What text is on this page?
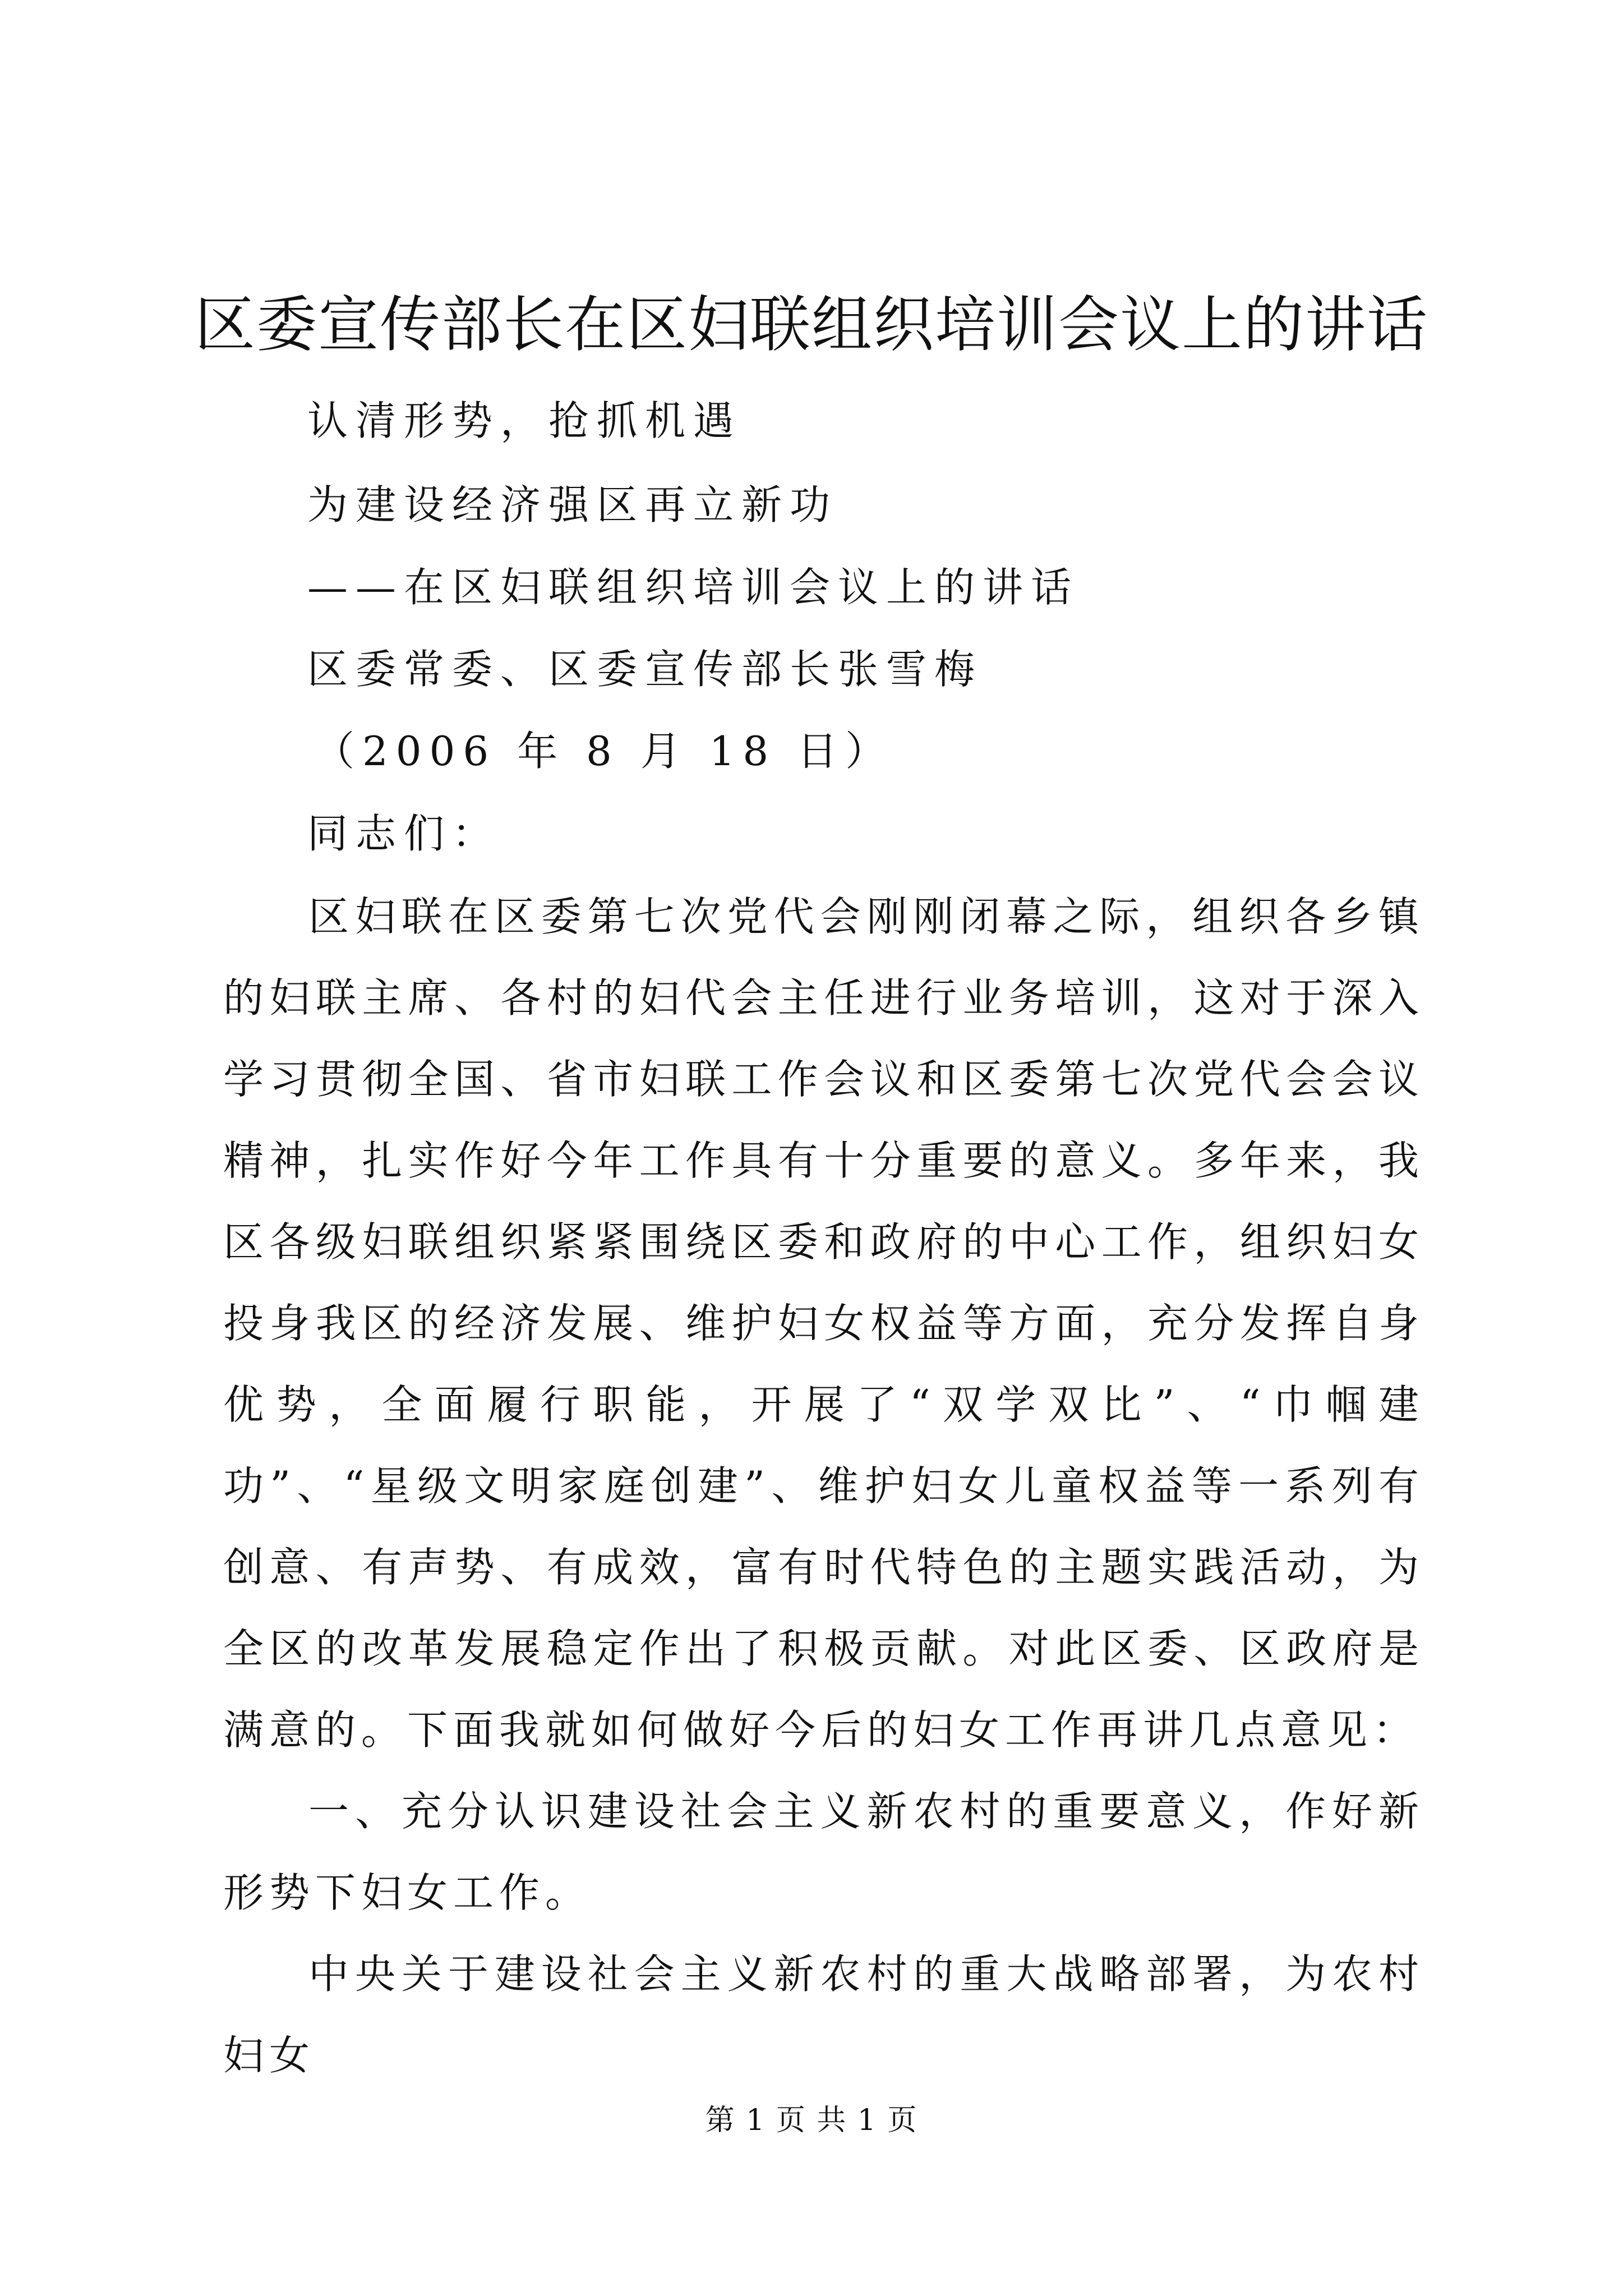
区委宣传部长在区妇联组织培训会议上的讲话
认清形势，抢抓机遇
为建设经济强区再立新功
——在区妇联组织培训会议上的讲话
区委常委、区委宣传部长张雪梅
（2006 年 8 月 18 日）
同志们：

区妇联在区委第七次党代会刚刚闭幕之际，组织各乡镇的妇联主席、各村的妇代会主任进行业务培训，这对于深入学习贯彻全国、省市妇联工作会议和区委第七次党代会会议精神，扎实作好今年工作具有十分重要的意义。多年来，我区各级妇联组织紧紧围绕区委和政府的中心工作，组织妇女投身我区的经济发展、维护妇女权益等方面，充分发挥自身优势，全面履行职能，开展了“双学双比”、“巾帼建功”、“星级文明家庭创建”、维护妇女儿童权益等一系列有创意、有声势、有成效，富有时代特色的主题实践活动，为全区的改革发展稳定作出了积极贡献。对此区委、区政府是满意的。下面我就如何做好今后的妇女工作再讲几点意见：

一、充分认识建设社会主义新农村的重要意义，作好新形势下妇女工作。

中央关于建设社会主义新农村的重大战略部署，为农村妇女

第 1 页 共 1 页
